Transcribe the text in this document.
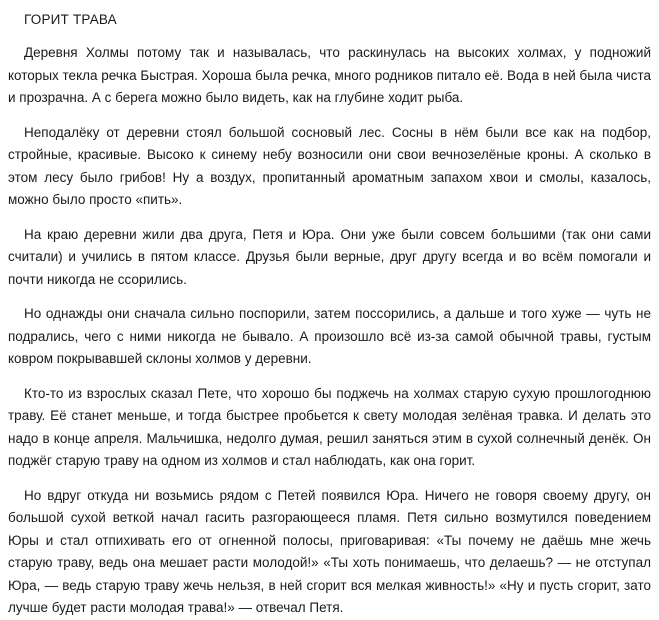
ГОРИТ ТРАВА

Деревня Холмы потому так и называлась, что раскинулась на высоких холмах, у подножий которых текла речка Быстрая. Хороша была речка, много родников питало её. Вода в ней была чиста и прозрачна. А с берега можно было видеть, как на глубине ходит рыба.

Неподалёку от деревни стоял большой сосновый лес. Сосны в нём были все как на подбор, стройные, красивые. Высоко к синему небу возносили они свои вечнозелёные кроны. А сколько в этом лесу было грибов! Ну а воздух, пропитанный ароматным запахом хвои и смолы, казалось, можно было просто «пить».

На краю деревни жили два друга, Петя и Юра. Они уже были совсем большими (так они сами считали) и учились в пятом классе. Друзья были верные, друг другу всегда и во всём помогали и почти никогда не ссорились.

Но однажды они сначала сильно поспорили, затем поссорились, а дальше и того хуже — чуть не подрались, чего с ними никогда не бывало. А произошло всё из-за самой обычной травы, густым ковром покрывавшей склоны холмов у деревни.

Кто-то из взрослых сказал Пете, что хорошо бы поджечь на холмах старую сухую прошлогоднюю траву. Её станет меньше, и тогда быстрее пробьется к свету молодая зелёная травка. И делать это надо в конце апреля. Мальчишка, недолго думая, решил заняться этим в сухой солнечный денёк. Он поджёг старую траву на одном из холмов и стал наблюдать, как она горит.

Но вдруг откуда ни возьмись рядом с Петей появился Юра. Ничего не говоря своему другу, он большой сухой веткой начал гасить разгорающееся пламя. Петя сильно возмутился поведением Юры и стал отпихивать его от огненной полосы, приговаривая: «Ты почему не даёшь мне жечь старую траву, ведь она мешает расти молодой!» «Ты хоть понимаешь, что делаешь? — не отступал Юра, — ведь старую траву жечь нельзя, в ней сгорит вся мелкая живность!» «Ну и пусть сгорит, зато лучше будет расти молодая трава!» — отвечал Петя.
